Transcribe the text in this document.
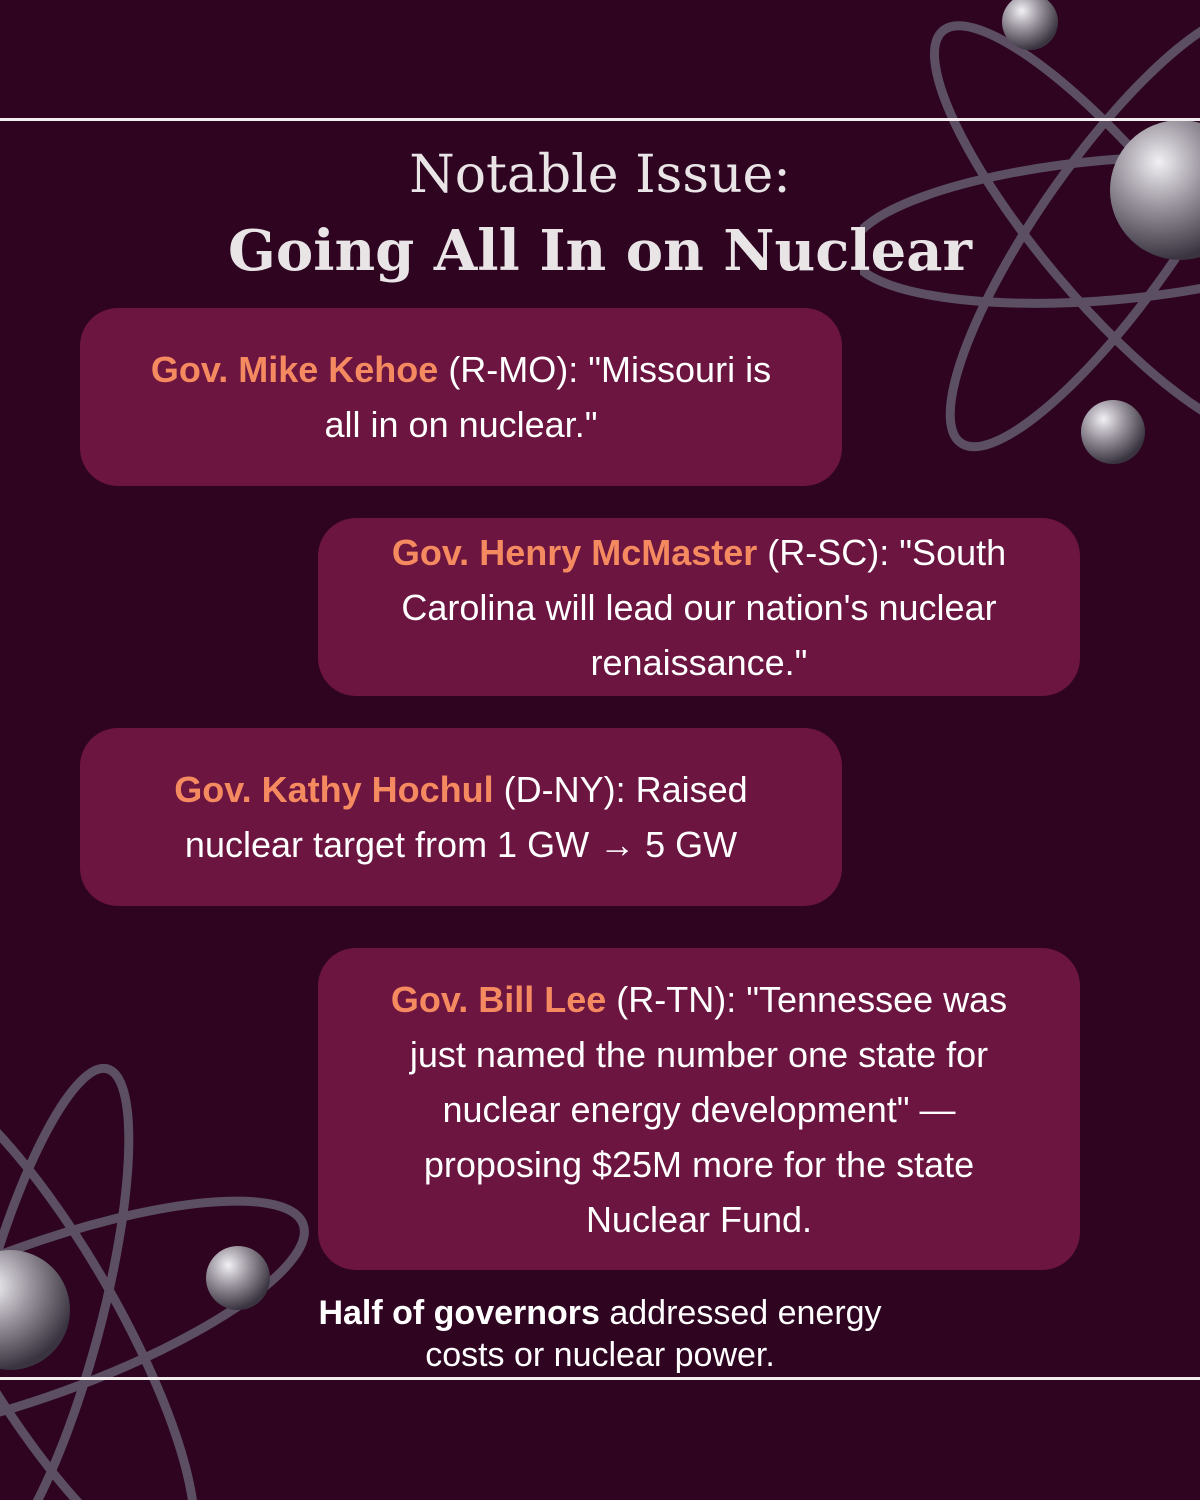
Notable Issue:
Going All In on Nuclear
Gov. Mike Kehoe (R-MO): "Missouri is all in on nuclear."
Gov. Henry McMaster (R-SC): "South Carolina will lead our nation's nuclear renaissance."
Gov. Kathy Hochul (D-NY): Raised nuclear target from 1 GW → 5 GW
Gov. Bill Lee (R-TN): "Tennessee was just named the number one state for nuclear energy development" — proposing $25M more for the state Nuclear Fund.
Half of governors addressed energy costs or nuclear power.
